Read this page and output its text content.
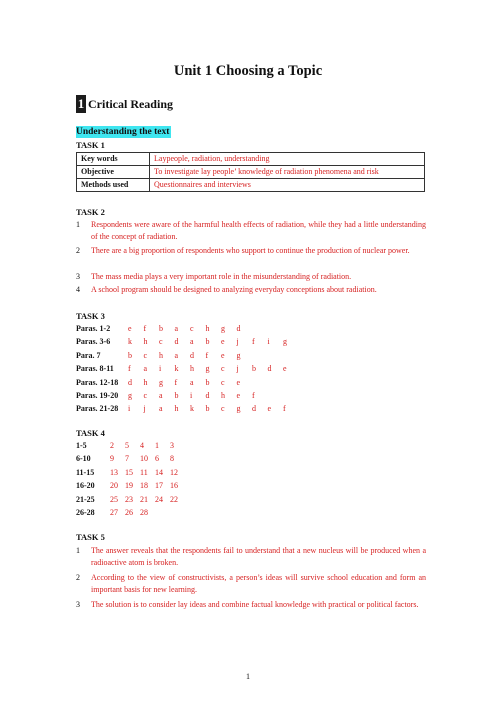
Unit 1 Choosing a Topic
1 Critical Reading
Understanding the text
TASK 1
Key words	Laypeople, radiation, understanding
Objective	To investigate lay people’ knowledge of radiation phenomena and risk
Methods used	Questionnaires and interviews
TASK 2
1 Respondents were aware of the harmful health effects of radiation, while they had a little understanding of the concept of radiation.
2 There are a big proportion of respondents who support to continue the production of nuclear power.
3 The mass media plays a very important role in the misunderstanding of radiation.
4 A school program should be designed to analyzing everyday conceptions about radiation.
TASK 3
Paras. 1-2 e f b a c h g d
Paras. 3-6 k h c d a b e j f i g
Para. 7	b c h a d f e g
Paras. 8-11 f a i k h g c j b d e
Paras. 12-18 d h g f a b c e
Paras. 19-20 g c a b i d h e f
Paras. 21-28 i j a h k b c g d e f
TASK 4
1-5	2 5 4 1 3
6-10 9 7 10 6 8
11-15 13 15 11 14 12
16-20 20 19 18 17 16
21-25 25 23 21 24 22
26-28 27 26 28
TASK 5
1 The answer reveals that the respondents fail to understand that a new nucleus will be produced when a radioactive atom is broken.
2 According to the view of constructivists, a person’s ideas will survive school education and form an important basis for new learning.
3 The solution is to consider lay ideas and combine factual knowledge with practical or political factors.
1
